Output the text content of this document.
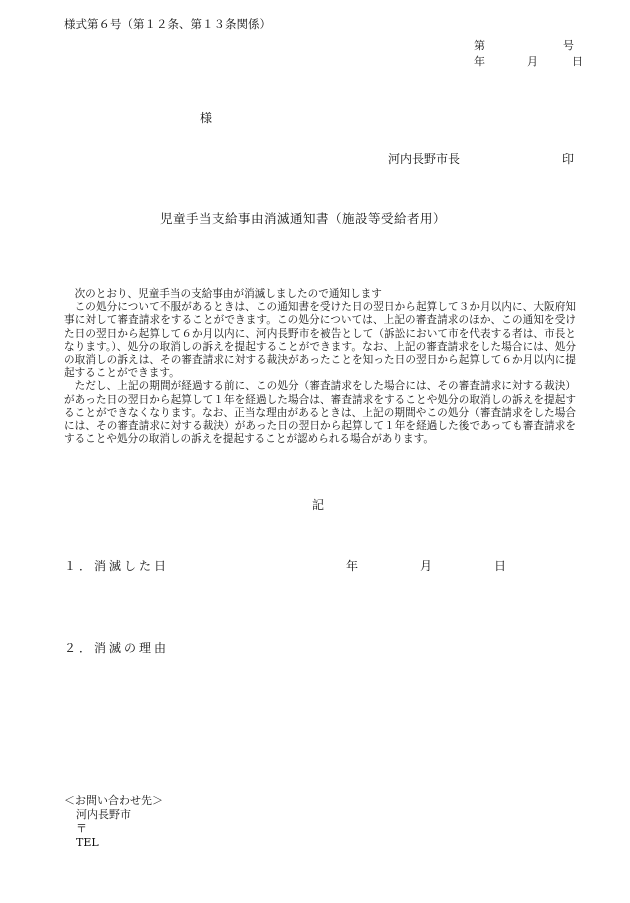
様式第６号（第１２条、第１３条関係）
第	号
年	月	日
様
河内長野市長	印
児童手当支給事由消滅通知書（施設等受給者用）

次のとおり、児童手当の支給事由が消滅しましたので通知します

この処分について不服があるときは、この通知書を受けた日の翌日から起算して３か月以内に、大阪府知事に対して審査請求をすることができます。この処分については、上記の審査請求のほか、この通知を受けた日の翌日から起算して６か月以内に、河内長野市を被告として（訴訟において市を代表する者は、市長となります。）、処分の取消しの訴えを提起することができます。なお、上記の審査請求をした場合には、処分の取消しの訴えは、その審査請求に対する裁決があったことを知った日の翌日から起算して６か月以内に提起することができます。

ただし、上記の期間が経過する前に、この処分（審査請求をした場合には、その審査請求に対する裁決）があった日の翌日から起算して１年を経過した場合は、審査請求をすることや処分の取消しの訴えを提起することができなくなります。なお、正当な理由があるときは、上記の期間やこの処分（審査請求をした場合には、その審査請求に対する裁決）があった日の翌日から起算して１年を経過した後であっても審査請求をすることや処分の取消しの訴えを提起することが認められる場合があります。

記
１．消滅した日	年	月	日
２．消滅の理由
＜お問い合わせ先＞
河内長野市
〒
TEL
